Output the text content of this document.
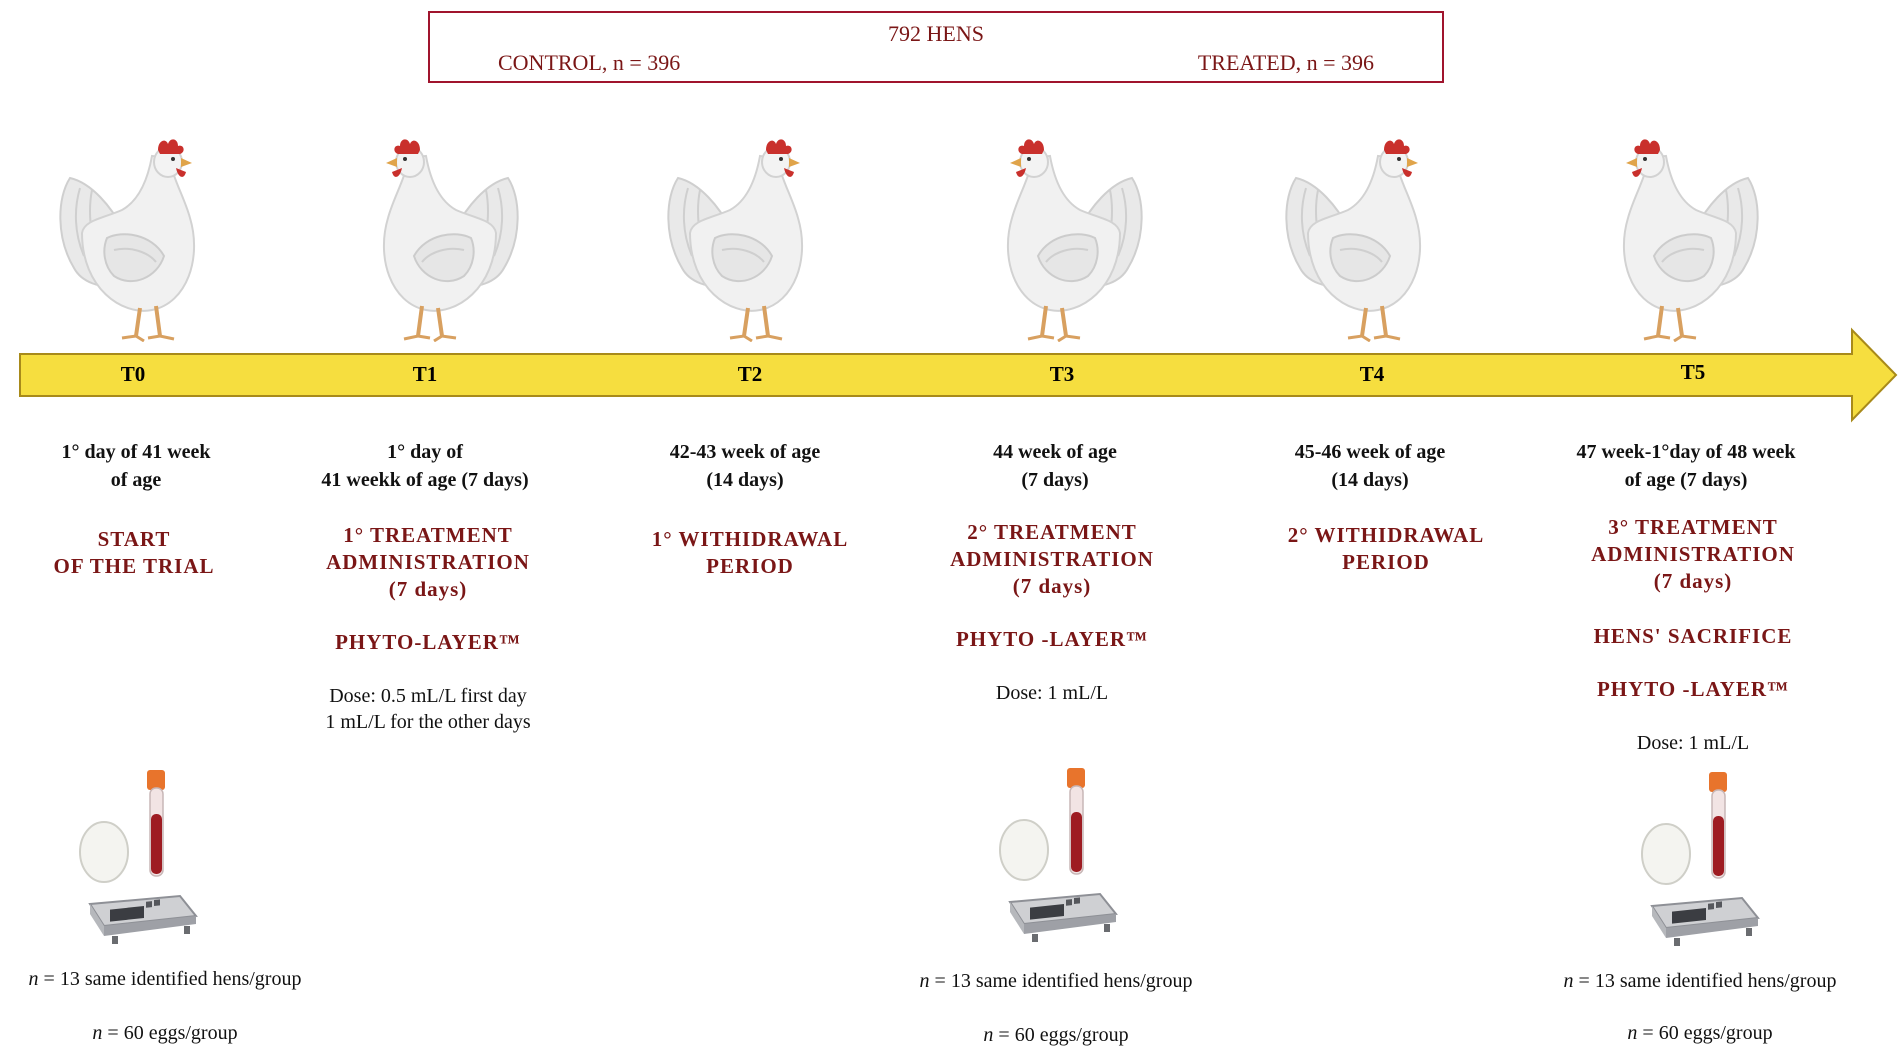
792 HENS
CONTROL, n = 396	TREATED, n = 396
T0	T1	T2	T3	T4	T5
1° day of 41 week
of age
START
OF THE TRIAL
1° day of
41 weekk of age (7 days)
1° TREATMENT
ADMINISTRATION
(7 days)
PHYTO-LAYER™
Dose: 0.5 mL/L first day
1 mL/L for the other days
42-43 week of age
(14 days)
1° WITHIDRAWAL
PERIOD
44 week of age
(7 days)
2° TREATMENT
ADMINISTRATION
(7 days)
PHYTO -LAYER™
Dose: 1 mL/L
45-46 week of age
(14 days)
2° WITHIDRAWAL
PERIOD
47 week-1°day of 48 week
of age (7 days)
3° TREATMENT
ADMINISTRATION
(7 days)
HENS' SACRIFICE
PHYTO -LAYER™
Dose: 1 mL/L
n = 13 same identified hens/group
n = 60 eggs/group
n = 13 same identified hens/group
n = 60 eggs/group
n = 13 same identified hens/group
n = 60 eggs/group
